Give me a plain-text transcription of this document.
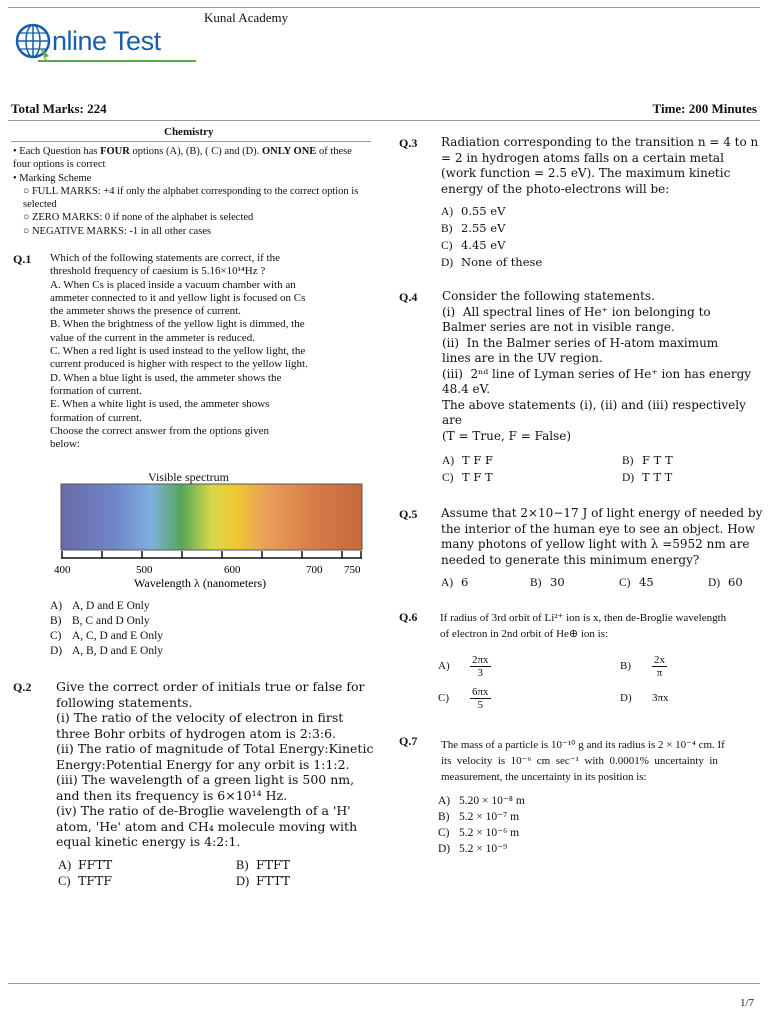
Kunal Academy
nline Test
Total Marks: 224	Time: 200 Minutes
Chemistry
• Each Question has FOUR options (A), (B), ( C) and (D). ONLY ONE of these four options is correct
• Marking Scheme
○ FULL MARKS: +4 if only the alphabet corresponding to the correct option is selected
○ ZERO MARKS: 0 if none of the alphabet is selected
○ NEGATIVE MARKS: -1 in all other cases
Q.1 Which of the following statements are correct, if the
threshold frequency of caesium is 5.16×10¹⁴Hz ?
A. When Cs is placed inside a vacuum chamber with an
ammeter connected to it and yellow light is focused on Cs
the ammeter shows the presence of current.
B. When the brightness of the yellow light is dimmed, the
value of the current in the ammeter is reduced.
C. When a red light is used instead to the yellow light, the
current produced is higher with respect to the yellow light.
D. When a blue light is used, the ammeter shows the
formation of current.
E. When a white light is used, the ammeter shows
formation of current.
Choose the correct answer from the options given
below:
Visible spectrum
400	500	600	700 750
Wavelength λ (nanometers)
A) A, D and E Only
B) B, C and D Only
C) A, C, D and E Only
D) A, B, D and E Only
Q.2 Give the correct order of initials true or false for
following statements.
(i) The ratio of the velocity of electron in first
three Bohr orbits of hydrogen atom is 2:3:6.
(ii) The ratio of magnitude of Total Energy:Kinetic
Energy:Potential Energy for any orbit is 1:1:2.
(iii) The wavelength of a green light is 500 nm,
and then its frequency is 6×10¹⁴ Hz.
(iv) The ratio of de-Broglie wavelength of a 'H'
atom, 'He' atom and CH₄ molecule moving with
equal kinetic energy is 4:2:1.
A) FFTT	B) FTFT
C) TFTF	D) FTTT
Q.3 Radiation corresponding to the transition n = 4 to n
= 2 in hydrogen atoms falls on a certain metal
(work function = 2.5 eV). The maximum kinetic
energy of the photo-electrons will be:
A) 0.55 eV
B) 2.55 eV
C) 4.45 eV
D) None of these
Q.4 Consider the following statements.
(i)  All spectral lines of He⁺ ion belonging to
Balmer series are not in visible range.
(ii)  In the Balmer series of H-atom maximum
lines are in the UV region.
(iii)  2ⁿᵈ line of Lyman series of He⁺ ion has energy
48.4 eV.
The above statements (i), (ii) and (iii) respectively
are
(T = True, F = False)
A) T F F	B) F T T
C) T F T	D) T T T
Q.5 Assume that 2×10−17 J of light energy of needed by
the interior of the human eye to see an object. How
many photons of yellow light with λ =5952 nm are
needed to generate this minimum energy?
A) 6	B) 30	C) 45	D) 60
Q.6 If radius of 3rd orbit of Li²⁺ ion is x, then de-Broglie wavelength
of electron in 2nd orbit of He⊕ ion is:
$A) \frac{2\pi x}{3}$	$B) \frac{2x}{\pi}$
$C) \frac{6\pi x}{5}$	D) 3πx
Q.7 The mass of a particle is 10⁻¹⁰ g and its radius is 2 × 10⁻⁴ cm. If
its  velocity  is  10⁻⁶  cm  sec⁻¹  with  0.0001%  uncertainty  in
measurement, the uncertainty in its position is:
A) 5.20 × 10⁻⁸ m
B) 5.2 × 10⁻⁷ m
C) 5.2 × 10⁻⁶ m
D) 5.2 × 10⁻⁹
1/7
